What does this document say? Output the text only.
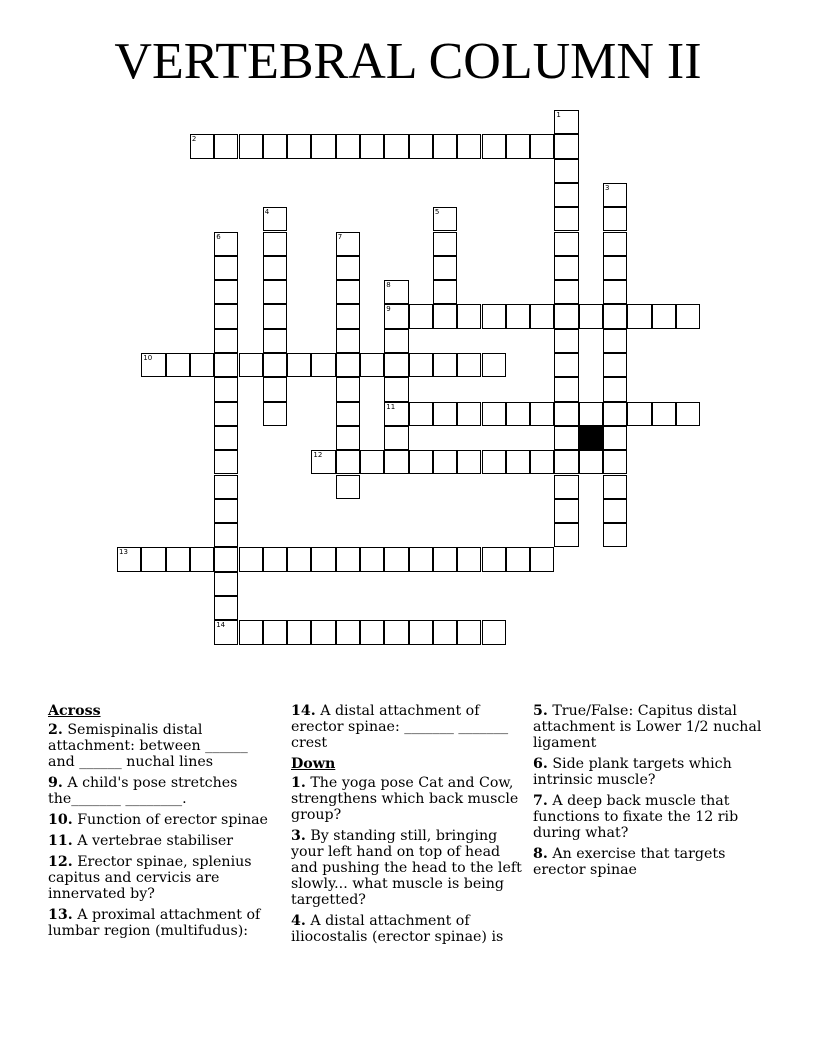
VERTEBRAL COLUMN II
1
2
3
4	5
6
14
7
8
9
11
10
12
13

Across

2. Semispinalis distal attachment: between ______ and ______ nuchal lines

9. A child's pose stretches the_______ ________.

10. Function of erector spinae

11. A vertebrae stabiliser

12. Erector spinae, splenius capitus and cervicis are innervated by?

13. A proximal attachment of lumbar region (multifudus):

14. A distal attachment of erector spinae: _______ _______ crest

Down

1. The yoga pose Cat and Cow, strengthens which back muscle group?

3. By standing still, bringing your left hand on top of head and pushing the head to the left slowly... what muscle is being targetted?

4. A distal attachment of iliocostalis (erector spinae) is

5. True/False: Capitus distal attachment is Lower 1/2 nuchal ligament

6. Side plank targets which intrinsic muscle?

7. A deep back muscle that functions to fixate the 12 rib during what?

8. An exercise that targets erector spinae
